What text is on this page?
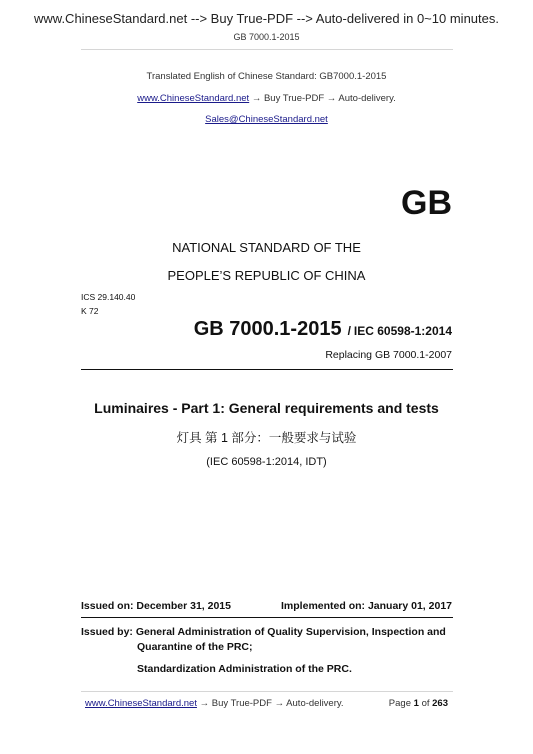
www.ChineseStandard.net --> Buy True-PDF --> Auto-delivered in 0~10 minutes.
GB 7000.1-2015
Translated English of Chinese Standard: GB7000.1-2015
www.ChineseStandard.net → Buy True-PDF → Auto-delivery.
Sales@ChineseStandard.net
GB
NATIONAL STANDARD OF THE
PEOPLE’S REPUBLIC OF CHINA
ICS 29.140.40
K 72
GB 7000.1-2015 / IEC 60598-1:2014
Replacing GB 7000.1-2007
Luminaires - Part 1: General requirements and tests
灯具 第 1 部分：一般要求与试验
(IEC 60598-1:2014, IDT)
Issued on: December 31, 2015	Implemented on: January 01, 2017
Issued by: General Administration of Quality Supervision, Inspection and
Quarantine of the PRC;
Standardization Administration of the PRC.
www.ChineseStandard.net → Buy True-PDF → Auto-delivery.	Page 1 of 263
